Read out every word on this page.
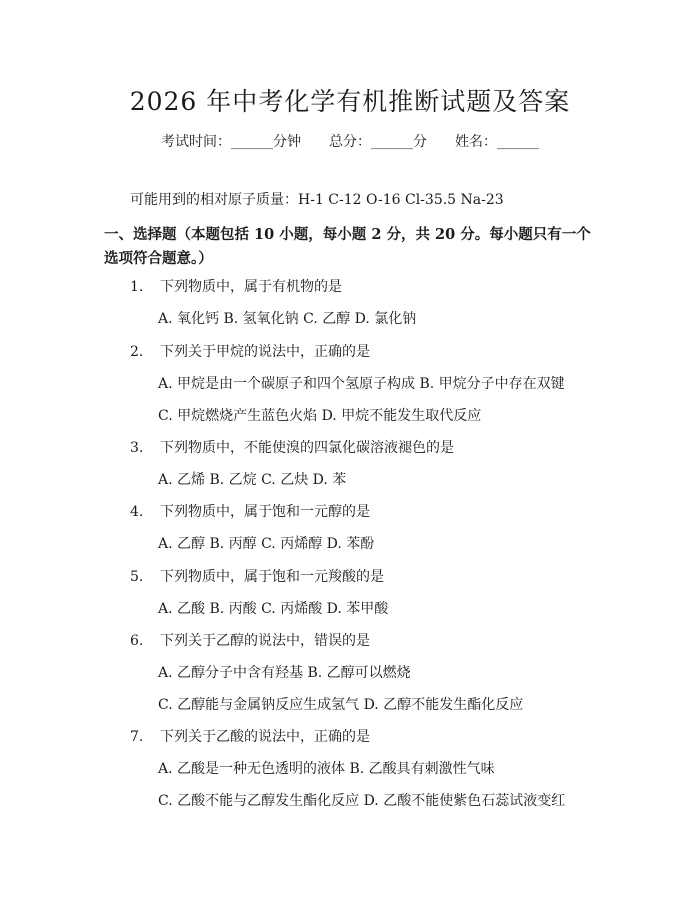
2026 年中考化学有机推断试题及答案
考试时间：______分钟 总分：______分 姓名：______
可能用到的相对原子质量：H-1 C-12 O-16 Cl-35.5 Na-23
一、选择题（本题包括 10 小题，每小题 2 分，共 20 分。每小题只有一个选项符合题意。）
1. 下列物质中，属于有机物的是
A. 氧化钙 B. 氢氧化钠 C. 乙醇 D. 氯化钠
2. 下列关于甲烷的说法中，正确的是
A. 甲烷是由一个碳原子和四个氢原子构成 B. 甲烷分子中存在双键
C. 甲烷燃烧产生蓝色火焰 D. 甲烷不能发生取代反应
3. 下列物质中，不能使溴的四氯化碳溶液褪色的是
A. 乙烯 B. 乙烷 C. 乙炔 D. 苯
4. 下列物质中，属于饱和一元醇的是
A. 乙醇 B. 丙醇 C. 丙烯醇 D. 苯酚
5. 下列物质中，属于饱和一元羧酸的是
A. 乙酸 B. 丙酸 C. 丙烯酸 D. 苯甲酸
6. 下列关于乙醇的说法中，错误的是
A. 乙醇分子中含有羟基 B. 乙醇可以燃烧
C. 乙醇能与金属钠反应生成氢气 D. 乙醇不能发生酯化反应
7. 下列关于乙酸的说法中，正确的是
A. 乙酸是一种无色透明的液体 B. 乙酸具有刺激性气味
C. 乙酸不能与乙醇发生酯化反应 D. 乙酸不能使紫色石蕊试液变红
